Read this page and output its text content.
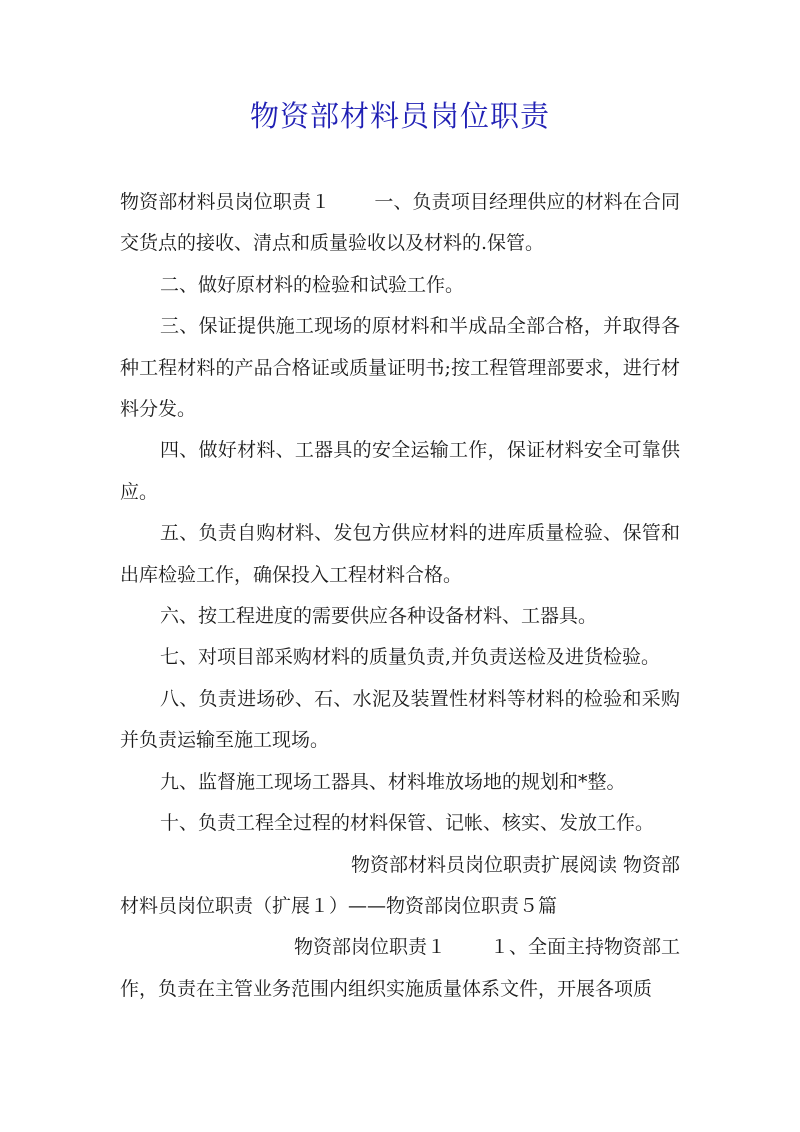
物资部材料员岗位职责

物资部材料员岗位职责１ 一、负责项目经理供应的材料在合同交货点的接收、清点和质量验收以及材料的.保管。

二、做好原材料的检验和试验工作。

三、保证提供施工现场的原材料和半成品全部合格，并取得各种工程材料的产品合格证或质量证明书;按工程管理部要求，进行材料分发。

四、做好材料、工器具的安全运输工作，保证材料安全可靠供应。

五、负责自购材料、发包方供应材料的进库质量检验、保管和出库检验工作，确保投入工程材料合格。

六、按工程进度的需要供应各种设备材料、工器具。

七、对项目部采购材料的质量负责,并负责送检及进货检验。

八、负责进场砂、石、水泥及装置性材料等材料的检验和采购并负责运输至施工现场。

九、监督施工现场工器具、材料堆放场地的规划和*整。

十、负责工程全过程的材料保管、记帐、核实、发放工作。

物资部材料员岗位职责扩展阅读 物资部

材料员岗位职责（扩展１）——物资部岗位职责５篇

物资部岗位职责１ １、全面主持物资部工

作，负责在主管业务范围内组织实施质量体系文件，开展各项质
